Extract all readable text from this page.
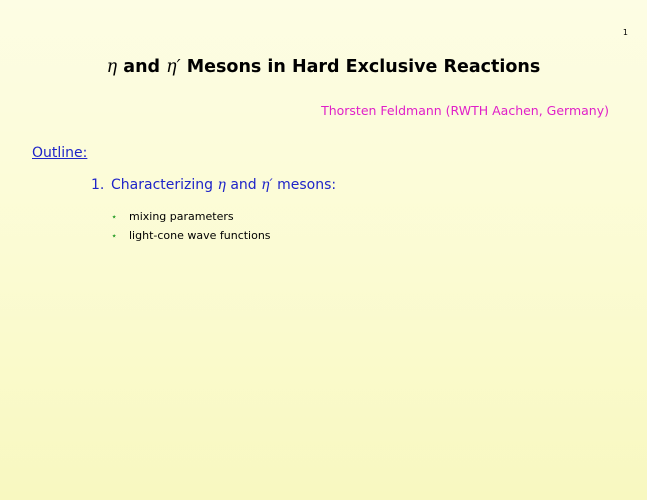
1
η and η′ Mesons in Hard Exclusive Reactions
Thorsten Feldmann (RWTH Aachen, Germany)
Outline:
1. Characterizing η and η′ mesons:
⋆ mixing parameters
⋆ light-cone wave functions
